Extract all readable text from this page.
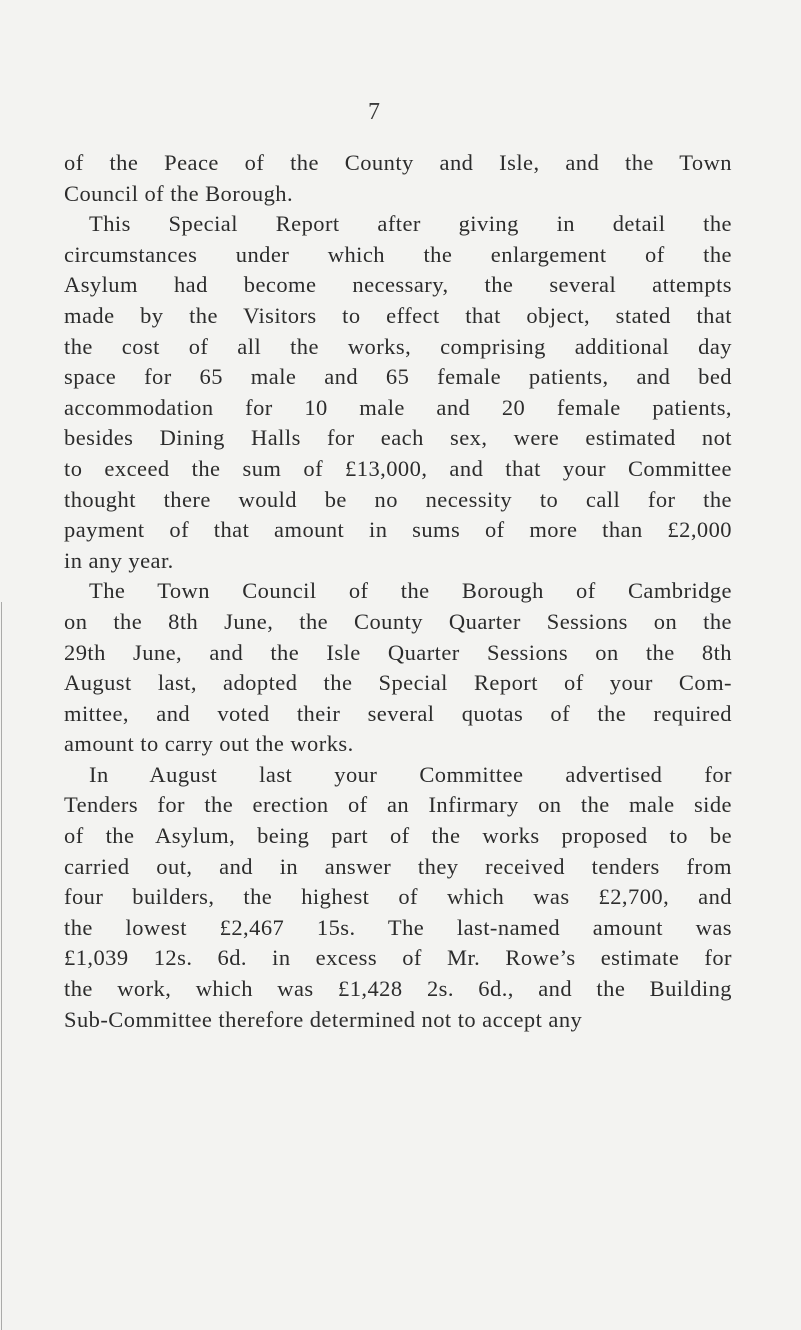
7
of the Peace of the County and Isle, and the Town
Council of the Borough.
This Special Report after giving in detail the
circumstances under which the enlargement of the
Asylum had become necessary, the several attempts
made by the Visitors to effect that object, stated that
the cost of all the works, comprising additional day
space for 65 male and 65 female patients, and bed
accommodation for 10 male and 20 female patients,
besides Dining Halls for each sex, were estimated not
to exceed the sum of £13,000, and that your Committee
thought there would be no necessity to call for the
payment of that amount in sums of more than £2,000
in any year.
The Town Council of the Borough of Cambridge
on the 8th June, the County Quarter Sessions on the
29th June, and the Isle Quarter Sessions on the 8th
August last, adopted the Special Report of your Com-
mittee, and voted their several quotas of the required
amount to carry out the works.
In August last your Committee advertised for
Tenders for the erection of an Infirmary on the male side
of the Asylum, being part of the works proposed to be
carried out, and in answer they received tenders from
four builders, the highest of which was £2,700, and
the lowest £2,467 15s. The last-named amount was
£1,039 12s. 6d. in excess of Mr. Rowe’s estimate for
the work, which was £1,428 2s. 6d., and the Building
Sub-Committee therefore determined not to accept any
